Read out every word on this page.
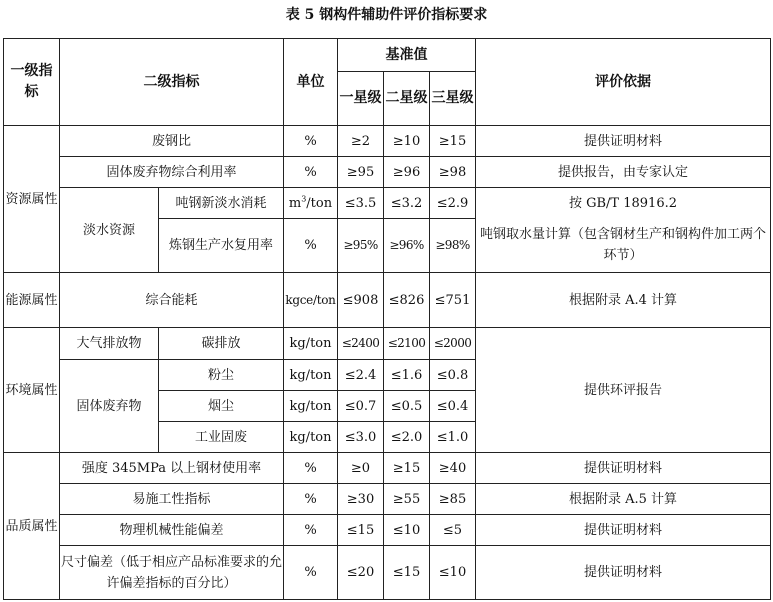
表 5 钢构件辅助件评价指标要求
一级指标	二级指标		单位	基准值			评价依据
				一星级	二星级	三星级	
资源属性	废钢比		%	≥2	≥10	≥15	提供证明材料
	固体废弃物综合利用率		%	≥95	≥96	≥98	提供报告，由专家认定
	淡水资源	吨钢新淡水消耗	$m^3$/ton	≤3.5	≤3.2	≤2.9	按 GB/T 18916.2
		炼钢生产水复用率	%	≥95%	≥96%	≥98%	吨钢取水量计算（包含钢材生产和钢构件加工两个环节）
能源属性	综合能耗		kgce/ton	≤908	≤826	≤751	根据附录 A.4 计算
环境属性	大气排放物	碳排放	kg/ton	≤2400	≤2100	≤2000	提供环评报告
	固体废弃物	粉尘	kg/ton	≤2.4	≤1.6	≤0.8	
		烟尘	kg/ton	≤0.7	≤0.5	≤0.4	
		工业固废	kg/ton	≤3.0	≤2.0	≤1.0	
品质属性	强度 345MPa 以上钢材使用率		%	≥0	≥15	≥40	提供证明材料
	易施工性指标		%	≥30	≥55	≥85	根据附录 A.5 计算
	物理机械性能偏差		%	≤15	≤10	≤5	提供证明材料
	尺寸偏差（低于相应产品标准要求的允许偏差指标的百分比）		%	≤20	≤15	≤10	提供证明材料
